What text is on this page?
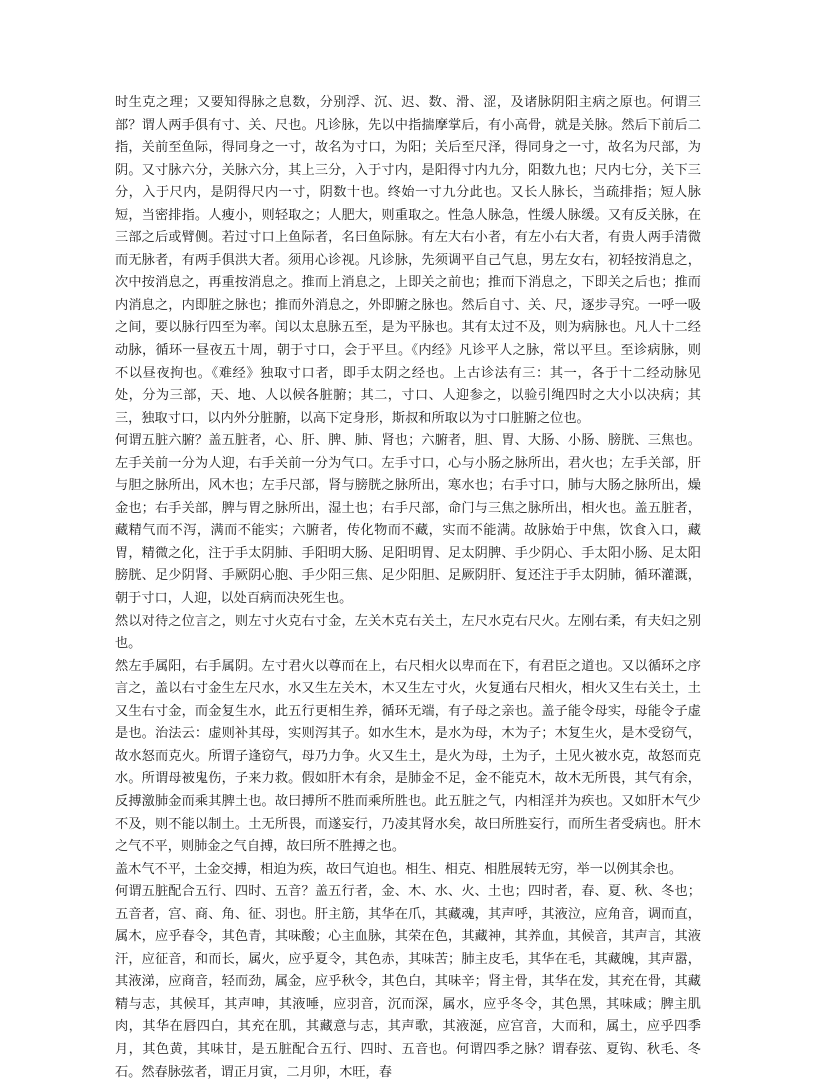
时生克之理；又要知得脉之息数，分别浮、沉、迟、数、滑、涩，及诸脉阴阳主病之原也。何谓三部？谓人两手俱有寸、关、尺也。凡诊脉，先以中指揣摩掌后，有小高骨，就是关脉。然后下前后二指，关前至鱼际，得同身之一寸，故名为寸口，为阳；关后至尺泽，得同身之一寸，故名为尺部，为阴。又寸脉六分，关脉六分，其上三分，入于寸内，是阳得寸内九分，阳数九也；尺内七分，关下三分，入于尺内，是阴得尺内一寸，阴数十也。终始一寸九分此也。又长人脉长，当疏排指；短人脉短，当密排指。人瘦小，则轻取之；人肥大，则重取之。性急人脉急，性缓人脉缓。又有反关脉，在三部之后或臂侧。若过寸口上鱼际者，名曰鱼际脉。有左大右小者，有左小右大者，有贵人两手清微而无脉者，有两手俱洪大者。须用心诊视。凡诊脉，先须调平自己气息，男左女右，初轻按消息之，次中按消息之，再重按消息之。推而上消息之，上即关之前也；推而下消息之，下即关之后也；推而内消息之，内即脏之脉也；推而外消息之，外即腑之脉也。然后自寸、关、尺，逐步寻究。一呼一吸之间，要以脉行四至为率。闰以太息脉五至，是为平脉也。其有太过不及，则为病脉也。凡人十二经动脉，循环一昼夜五十周，朝于寸口，会于平旦。《内经》凡诊平人之脉，常以平旦。至诊病脉，则不以昼夜拘也。《难经》独取寸口者，即手太阴之经也。上古诊法有三：其一，各于十二经动脉见处，分为三部，天、地、人以候各脏腑；其二，寸口、人迎参之，以验引绳四时之大小以决病；其三，独取寸口，以内外分脏腑，以高下定身形，斯叔和所取以为寸口脏腑之位也。

何谓五脏六腑？盖五脏者，心、肝、脾、肺、肾也；六腑者，胆、胃、大肠、小肠、膀胱、三焦也。左手关前一分为人迎，右手关前一分为气口。左手寸口，心与小肠之脉所出，君火也；左手关部，肝与胆之脉所出，风木也；左手尺部，肾与膀胱之脉所出，寒水也；右手寸口，肺与大肠之脉所出，燥金也；右手关部，脾与胃之脉所出，湿土也；右手尺部，命门与三焦之脉所出，相火也。盖五脏者，藏精气而不泻，满而不能实；六腑者，传化物而不藏，实而不能满。故脉始于中焦，饮食入口，藏胃，精微之化，注于手太阴肺、手阳明大肠、足阳明胃、足太阴脾、手少阴心、手太阳小肠、足太阳膀胱、足少阴肾、手厥阴心胞、手少阳三焦、足少阳胆、足厥阴肝、复还注于手太阴肺，循环灌溉，朝于寸口，人迎，以处百病而决死生也。

然以对待之位言之，则左寸火克右寸金，左关木克右关土，左尺水克右尺火。左刚右柔，有夫妇之别也。

然左手属阳，右手属阴。左寸君火以尊而在上，右尺相火以卑而在下，有君臣之道也。又以循环之序言之，盖以右寸金生左尺水，水又生左关木，木又生左寸火，火复通右尺相火，相火又生右关土，土又生右寸金，而金复生水，此五行更相生养，循环无端，有子母之亲也。盖子能令母实，母能令子虚是也。治法云：虚则补其母，实则泻其子。如水生木，是水为母，木为子；木复生火，是木受窃气，故水怒而克火。所谓子逢窃气，母乃力争。火又生土，是火为母，土为子，土见火被水克，故怒而克水。所谓母被鬼伤，子来力救。假如肝木有余，是肺金不足，金不能克木，故木无所畏，其气有余，反搏激肺金而乘其脾土也。故曰搏所不胜而乘所胜也。此五脏之气，内相淫并为疾也。又如肝木气少不及，则不能以制土。土无所畏，而遂妄行，乃凌其肾水矣，故曰所胜妄行，而所生者受病也。肝木之气不平，则肺金之气自搏，故曰所不胜搏之也。

盖木气不平，土金交搏，相迫为疾，故曰气迫也。相生、相克、相胜展转无穷，举一以例其余也。

何谓五脏配合五行、四时、五音？盖五行者，金、木、水、火、土也；四时者，春、夏、秋、冬也；五音者，宫、商、角、征、羽也。肝主筋，其华在爪，其藏魂，其声呼，其液泣，应角音，调而直，属木，应乎春令，其色青，其味酸；心主血脉，其荣在色，其藏神，其养血，其候音，其声言，其液汗，应征音，和而长，属火，应乎夏令，其色赤，其味苦；肺主皮毛，其华在毛，其藏魄，其声嚣，其液涕，应商音，轻而劲，属金，应乎秋令，其色白，其味辛；肾主骨，其华在发，其充在骨，其藏精与志，其候耳，其声呻，其液唾，应羽音，沉而深，属水，应乎冬令，其色黑，其味咸；脾主肌肉，其华在唇四白，其充在肌，其藏意与志，其声歌，其液涎，应宫音，大而和，属土，应乎四季月，其色黄，其味甘，是五脏配合五行、四时、五音也。何谓四季之脉？谓春弦、夏钩、秋毛、冬石。然春脉弦者，谓正月寅，二月卯，木旺，春
